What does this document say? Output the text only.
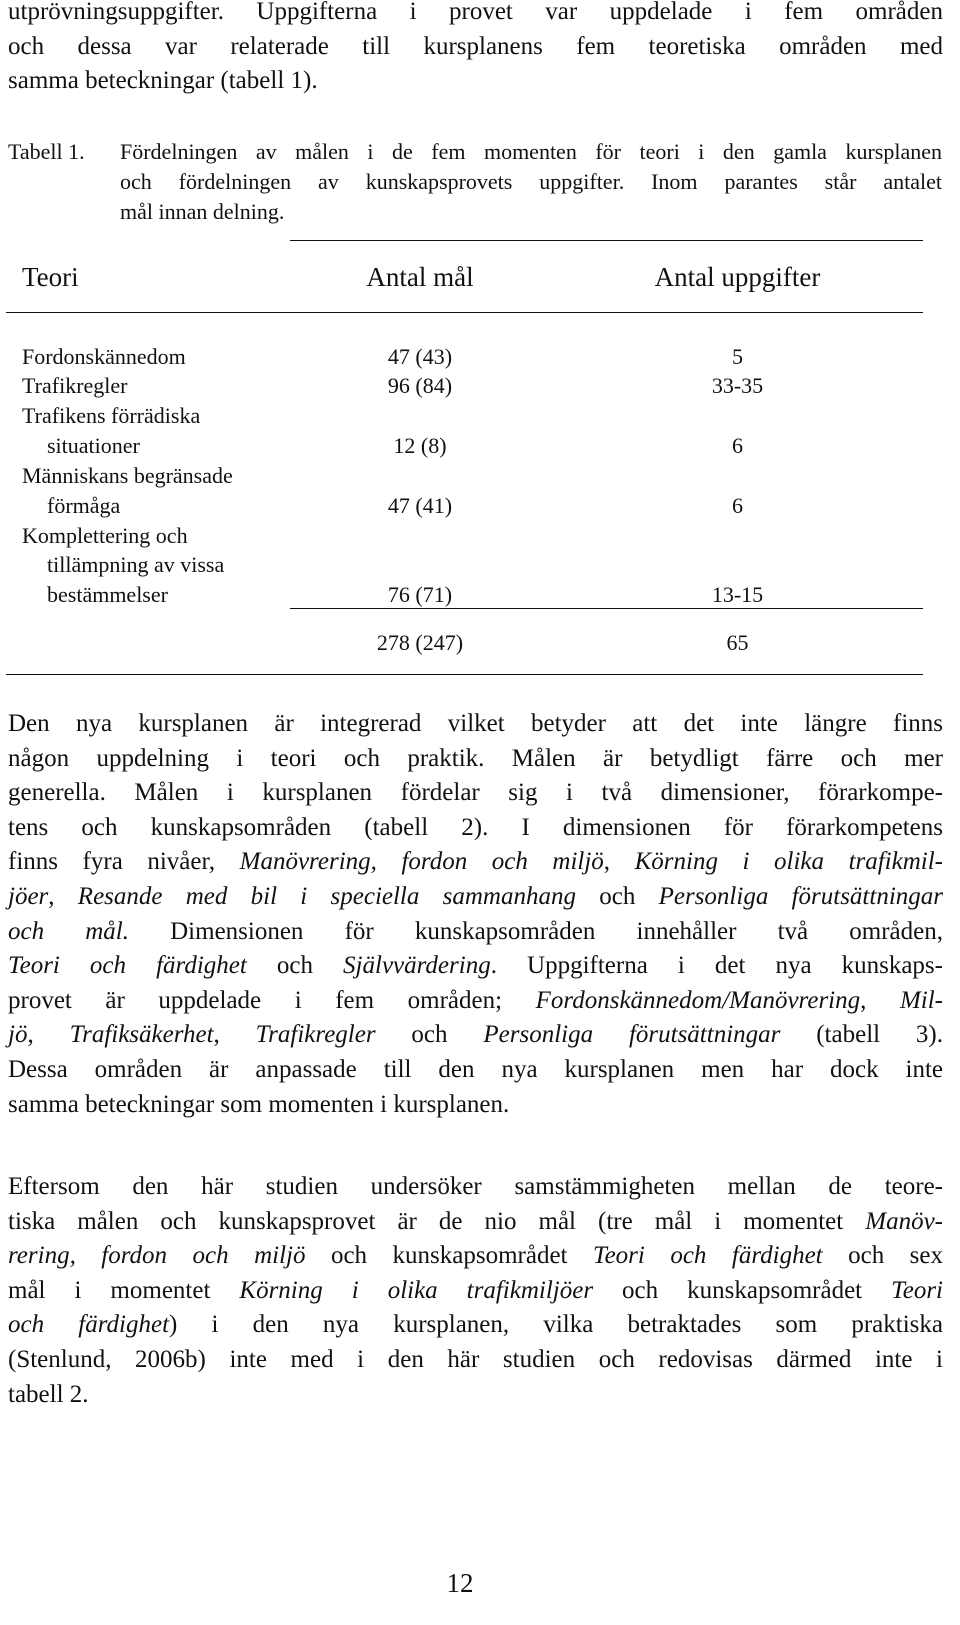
utprövningsuppgifter. Uppgifterna i provet var uppdelade i fem områden
och dessa var relaterade till kursplanens fem teoretiska områden med
samma beteckningar (tabell 1).
Tabell 1. Fördelningen av målen i de fem momenten för teori i den gamla kursplanen
och fördelningen av kunskapsprovets uppgifter. Inom parantes står antalet
mål innan delning.
Teori	Antal mål	Antal uppgifter
Fordonskännedom	47 (43)	5
Trafikregler	96 (84)	33-35
Trafikens förrädiska
situationer	12 (8)	6
Människans begränsade
förmåga	47 (41)	6
Komplettering och
tillämpning av vissa
bestämmelser	76 (71)	13-15
278 (247)	65
Den nya kursplanen är integrerad vilket betyder att det inte längre finns
någon uppdelning i teori och praktik. Målen är betydligt färre och mer
generella. Målen i kursplanen fördelar sig i två dimensioner, förarkompe-
tens och kunskapsområden (tabell 2). I dimensionen för förarkompetens
finns fyra nivåer, Manövrering, fordon och miljö, Körning i olika trafikmil-
jöer, Resande med bil i speciella sammanhang och Personliga förutsättningar
och mål. Dimensionen för kunskapsområden innehåller två områden,
Teori och färdighet och Självvärdering. Uppgifterna i det nya kunskaps-
provet är uppdelade i fem områden; Fordonskännedom/Manövrering, Mil-
jö, Trafiksäkerhet, Trafikregler och Personliga förutsättningar (tabell 3).
Dessa områden är anpassade till den nya kursplanen men har dock inte
samma beteckningar som momenten i kursplanen.
Eftersom den här studien undersöker samstämmigheten mellan de teore-
tiska målen och kunskapsprovet är de nio mål (tre mål i momentet Manöv-
rering, fordon och miljö och kunskapsområdet Teori och färdighet och sex
mål i momentet Körning i olika trafikmiljöer och kunskapsområdet Teori
och färdighet) i den nya kursplanen, vilka betraktades som praktiska
(Stenlund, 2006b) inte med i den här studien och redovisas därmed inte i
tabell 2.
12
